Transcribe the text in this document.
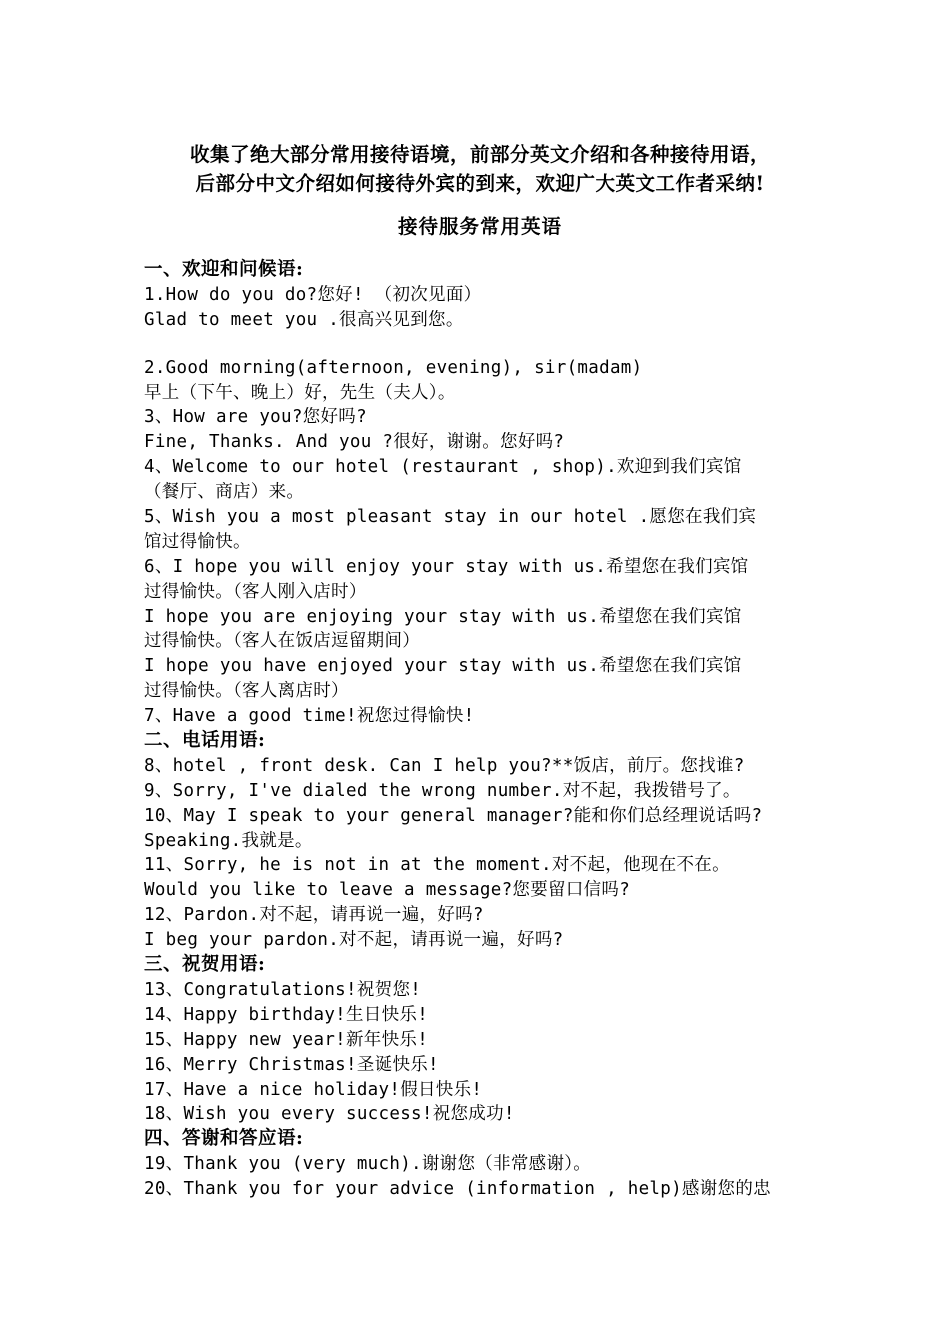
收集了绝大部分常用接待语境，前部分英文介绍和各种接待用语，
后部分中文介绍如何接待外宾的到来，欢迎广大英文工作者采纳!
接待服务常用英语
一、欢迎和问候语:
1.How do you do?您好! （初次见面）
Glad to meet you .很高兴见到您。
2.Good morning(afternoon, evening), sir(madam)
早上（下午、晚上）好，先生（夫人）。
3、How are you?您好吗?
Fine, Thanks. And you ?很好，谢谢。您好吗?
4、Welcome to our hotel (restaurant , shop).欢迎到我们宾馆
（餐厅、商店）来。
5、Wish you a most pleasant stay in our hotel .愿您在我们宾
馆过得愉快。
6、I hope you will enjoy your stay with us.希望您在我们宾馆
过得愉快。（客人刚入店时）
I hope you are enjoying your stay with us.希望您在我们宾馆
过得愉快。（客人在饭店逗留期间）
I hope you have enjoyed your stay with us.希望您在我们宾馆
过得愉快。（客人离店时）
7、Have a good time!祝您过得愉快!
二、电话用语:
8、hotel , front desk. Can I help you?**饭店，前厅。您找谁?
9、Sorry, I've dialed the wrong number.对不起，我拨错号了。
10、May I speak to your general manager?能和你们总经理说话吗?
Speaking.我就是。
11、Sorry, he is not in at the moment.对不起，他现在不在。
Would you like to leave a message?您要留口信吗?
12、Pardon.对不起，请再说一遍，好吗?
I beg your pardon.对不起，请再说一遍，好吗?
三、祝贺用语:
13、Congratulations!祝贺您!
14、Happy birthday!生日快乐!
15、Happy new year!新年快乐!
16、Merry Christmas!圣诞快乐!
17、Have a nice holiday!假日快乐!
18、Wish you every success!祝您成功!
四、答谢和答应语:
19、Thank you (very much).谢谢您（非常感谢）。
20、Thank you for your advice (information , help)感谢您的忠
